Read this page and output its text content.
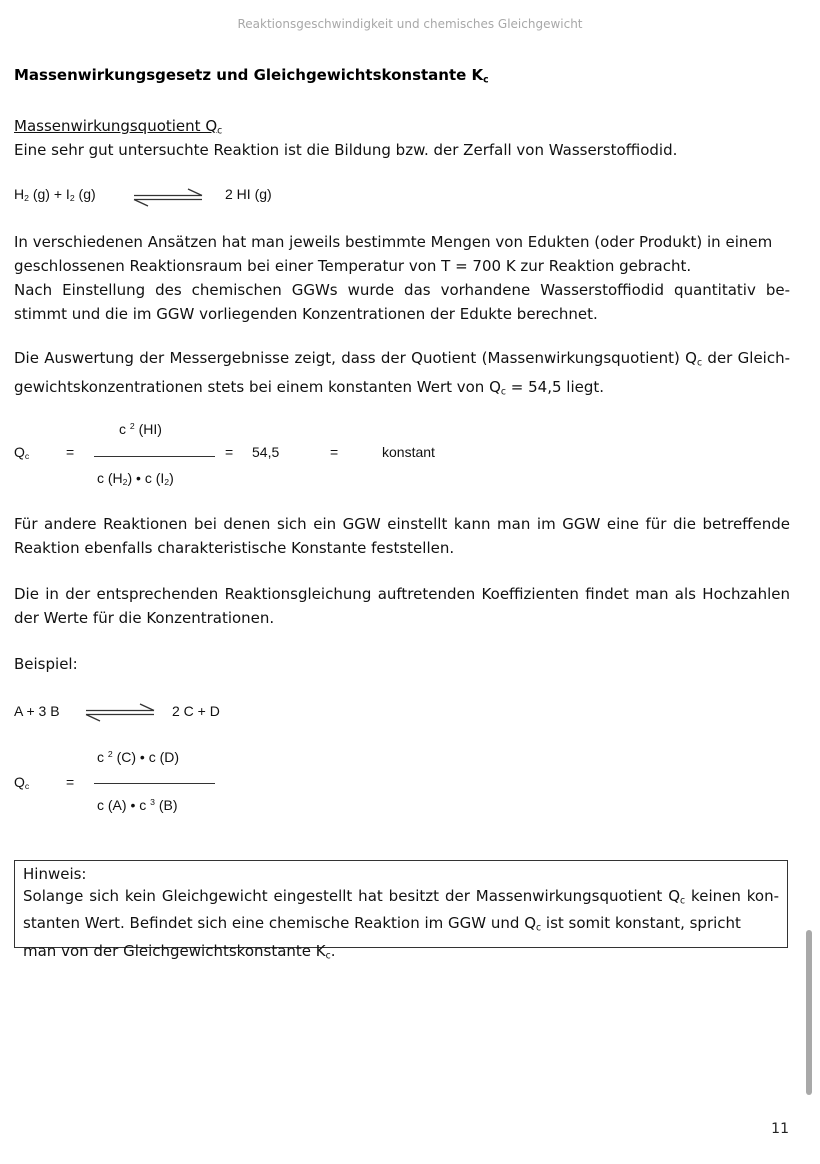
Reaktionsgeschwindigkeit und chemisches Gleichgewicht
Massenwirkungsgesetz und Gleichgewichtskonstante $K_c$
Massenwirkungsquotient $Q_c$
Eine sehr gut untersuchte Reaktion ist die Bildung bzw. der Zerfall von Wasserstoffiodid.
$H_2$ $(g) + I_2$ (g)	2 HI (g)
In verschiedenen Ansätzen hat man jeweils bestimmte Mengen von Edukten (oder Produkt) in einem
geschlossenen Reaktionsraum bei einer Temperatur von T = 700 K zur Reaktion gebracht.
Nach Einstellung des chemischen GGWs wurde das vorhandene Wasserstoffiodid quantitativ be-
stimmt und die im GGW vorliegenden Konzentrationen der Edukte berechnet.
Die Auswertung der Messergebnisse zeigt, dass der Quotient (Massenwirkungsquotient) $Q_c$ der Gleich-
gewichtskonzentrationen stets bei einem konstanten Wert von $Q_c = 54,5$ liegt.
$Q_c$	=
c $^2$ (HI)
c $(H_2)$ • c $(I_2)$
= 54,5	=	konstant
Für andere Reaktionen bei denen sich ein GGW einstellt kann man im GGW eine für die betreffende
Reaktion ebenfalls charakteristische Konstante feststellen.
Die in der entsprechenden Reaktionsgleichung auftretenden Koeffizienten findet man als Hochzahlen
der Werte für die Konzentrationen.
Beispiel:
A + 3 B	2 C + D
$Q_c$	=
c $^2$ (C) • c (D)
c (A) • c $^3$ (B)
Hinweis:
Solange sich kein Gleichgewicht eingestellt hat besitzt der Massenwirkungsquotient $Q_c$ keinen kon-
stanten Wert. Befindet sich eine chemische Reaktion im GGW und $Q_c$ ist somit konstant, spricht
man von der Gleichgewichtskonstante $K_c$.
11
